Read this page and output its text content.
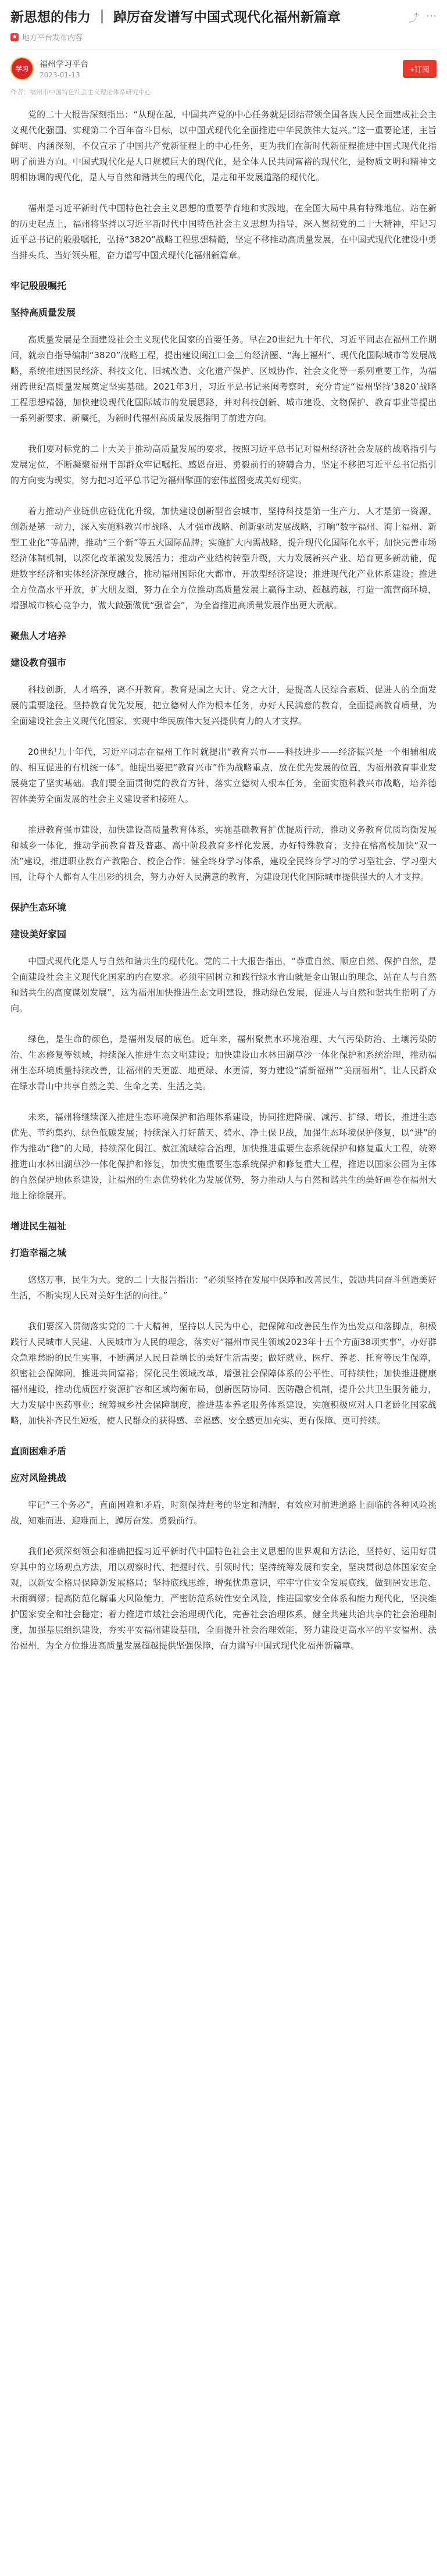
新思想的伟力 ｜ 踔厉奋发谱写中国式现代化福州新篇章	⤴ ⋯
★ 地方平台发布内容
学习	福州学习平台
2023-01-13
+订阅
作者：福州市中国特色社会主义理论体系研究中心

党的二十大报告深刻指出：“从现在起，中国共产党的中心任务就是团结带领全国各族人民全面建成社会主义现代化强国、实现第二个百年奋斗目标，以中国式现代化全面推进中华民族伟大复兴。”这一重要论述，主旨鲜明、内涵深刻，不仅宣示了中国共产党新征程上的中心任务，更为我们在新时代新征程推进中国式现代化指明了前进方向。中国式现代化是人口规模巨大的现代化，是全体人民共同富裕的现代化，是物质文明和精神文明相协调的现代化，是人与自然和谐共生的现代化，是走和平发展道路的现代化。

福州是习近平新时代中国特色社会主义思想的重要孕育地和实践地，在全国大局中具有特殊地位。站在新的历史起点上，福州将坚持以习近平新时代中国特色社会主义思想为指导，深入贯彻党的二十大精神，牢记习近平总书记的殷殷嘱托，弘扬“3820”战略工程思想精髓，坚定不移推动高质量发展，在中国式现代化建设中勇当排头兵、当好领头雁，奋力谱写中国式现代化福州新篇章。

牢记殷殷嘱托
坚持高质量发展

高质量发展是全面建设社会主义现代化国家的首要任务。早在20世纪九十年代，习近平同志在福州工作期间，就亲自指导编制“3820”战略工程，提出建设闽江口金三角经济圈、“海上福州”、现代化国际城市等发展战略，系统推进国民经济、科技文化、旧城改造、文化遗产保护、区域协作、社会文化等一系列重要工作，为福州跨世纪高质量发展奠定坚实基础。2021年3月，习近平总书记来闽考察时，充分肯定“福州坚持‘3820’战略工程思想精髓，加快建设现代化国际城市的发展思路，并对科技创新、城市建设、文物保护、教育事业等提出一系列新要求、新嘱托，为新时代福州高质量发展指明了前进方向。

我们要对标党的二十大关于推动高质量发展的要求，按照习近平总书记对福州经济社会发展的战略指引与发展定位，不断凝聚福州干部群众牢记嘱托、感恩奋进、勇毅前行的磅礴合力，坚定不移把习近平总书记指引的方向变为现实，努力把习近平总书记为福州擘画的宏伟蓝图变成美好现实。

着力推动产业链供应链优化升级，加快建设创新型省会城市，坚持科技是第一生产力、人才是第一资源、创新是第一动力，深入实施科教兴市战略、人才强市战略、创新驱动发展战略，打响“数字福州、海上福州、新型工业化”等品牌，推动“三个新”等五大国际品牌；实施扩大内需战略，提升现代化国际化水平；加快完善市场经济体制机制，以深化改革激发发展活力；推动产业结构转型升级，大力发展新兴产业、培育更多新动能，促进数字经济和实体经济深度融合，推动福州国际化大都市、开放型经济建设；推进现代化产业体系建设；推进全方位高水平开放，扩大朋友圈，努力在全方位推动高质量发展上赢得主动、超越跨越，打造一流营商环境，增强城市核心竞争力，做大做强做优“强省会”，为全省推进高质量发展作出更大贡献。

聚焦人才培养
建设教育强市

科技创新，人才培养，离不开教育。教育是国之大计、党之大计，是提高人民综合素质、促进人的全面发展的重要途径。坚持教育优先发展，把立德树人作为根本任务，办好人民满意的教育，全面提高教育质量，为全面建设社会主义现代化国家、实现中华民族伟大复兴提供有力的人才支撑。

20世纪九十年代，习近平同志在福州工作时就提出“教育兴市——科技进步——经济振兴是一个相辅相成的、相互促进的有机统一体”。他提出要把“教育兴市”作为战略重点，放在优先发展的位置，为福州教育事业发展奠定了坚实基础。我们要全面贯彻党的教育方针，落实立德树人根本任务，全面实施科教兴市战略，培养德智体美劳全面发展的社会主义建设者和接班人。

推进教育强市建设，加快建设高质量教育体系，实施基础教育扩优提质行动，推动义务教育优质均衡发展和城乡一体化，推动学前教育普及普惠、高中阶段教育多样化发展，办好特殊教育；支持在榕高校加快“双一流”建设，推进职业教育产教融合、校企合作；健全终身学习体系，建设全民终身学习的学习型社会、学习型大国，让每个人都有人生出彩的机会，努力办好人民满意的教育，为建设现代化国际城市提供强大的人才支撑。

保护生态环境
建设美好家园

中国式现代化是人与自然和谐共生的现代化。党的二十大报告指出，“尊重自然、顺应自然、保护自然，是全面建设社会主义现代化国家的内在要求。必须牢固树立和践行绿水青山就是金山银山的理念，站在人与自然和谐共生的高度谋划发展”，这为福州加快推进生态文明建设，推动绿色发展，促进人与自然和谐共生指明了方向。

绿色，是生命的颜色，是福州发展的底色。近年来，福州聚焦水环境治理、大气污染防治、土壤污染防治、生态修复等领域，持续深入推进生态文明建设；加快建设山水林田湖草沙一体化保护和系统治理，推动福州生态环境质量持续改善，让福州的天更蓝、地更绿、水更清，努力建设“清新福州”“美丽福州”，让人民群众在绿水青山中共享自然之美、生命之美、生活之美。

未来，福州将继续深入推进生态环境保护和治理体系建设，协同推进降碳、减污、扩绿、增长，推进生态优先、节约集约、绿色低碳发展；持续深入打好蓝天、碧水、净土保卫战，加强生态环境保护修复，以“进”的作为推动“稳”的大局，持续深化闽江、敖江流域综合治理，加快推进重要生态系统保护和修复重大工程，统筹推进山水林田湖草沙一体化保护和修复，加快实施重要生态系统保护和修复重大工程，推进以国家公园为主体的自然保护地体系建设，让福州的生态优势转化为发展优势，努力推动人与自然和谐共生的美好画卷在福州大地上徐徐展开。

增进民生福祉
打造幸福之城

悠悠万事，民生为大。党的二十大报告指出：“必须坚持在发展中保障和改善民生，鼓励共同奋斗创造美好生活，不断实现人民对美好生活的向往。”

我们要深入贯彻落实党的二十大精神，坚持以人民为中心，把保障和改善民生作为出发点和落脚点，积极践行人民城市人民建、人民城市为人民的理念，落实好“福州市民生领域2023年十五个方面38项实事”，办好群众急难愁盼的民生实事，不断满足人民日益增长的美好生活需要；做好就业、医疗、养老、托育等民生保障，织密社会保障网，推进共同富裕；深化民生领域改革，增强社会保障体系的公平性、可持续性；加快推进健康福州建设，推动优质医疗资源扩容和区域均衡布局，创新医防协同、医防融合机制，提升公共卫生服务能力，大力发展中医药事业；统筹城乡社会保障制度，推进基本养老服务体系建设，实施积极应对人口老龄化国家战略，加快补齐民生短板，使人民群众的获得感、幸福感、安全感更加充实、更有保障、更可持续。

直面困难矛盾
应对风险挑战

牢记“三个务必”，直面困难和矛盾，时刻保持赶考的坚定和清醒，有效应对前进道路上面临的各种风险挑战，知难而进、迎难而上，踔厉奋发、勇毅前行。

我们必须深刻领会和准确把握习近平新时代中国特色社会主义思想的世界观和方法论，坚持好、运用好贯穿其中的立场观点方法，用以观察时代、把握时代、引领时代；坚持统筹发展和安全，坚决贯彻总体国家安全观，以新安全格局保障新发展格局；坚持底线思维，增强忧患意识，牢牢守住安全发展底线，做到居安思危、未雨绸缪；提高防范化解重大风险能力，严密防范系统性安全风险，推进国家安全体系和能力现代化，坚决维护国家安全和社会稳定；着力推进市域社会治理现代化，完善社会治理体系，健全共建共治共享的社会治理制度，加强基层组织建设，夯实平安福州建设基础，全面提升社会治理效能，努力建设更高水平的平安福州、法治福州，为全方位推进高质量发展超越提供坚强保障，奋力谱写中国式现代化福州新篇章。
